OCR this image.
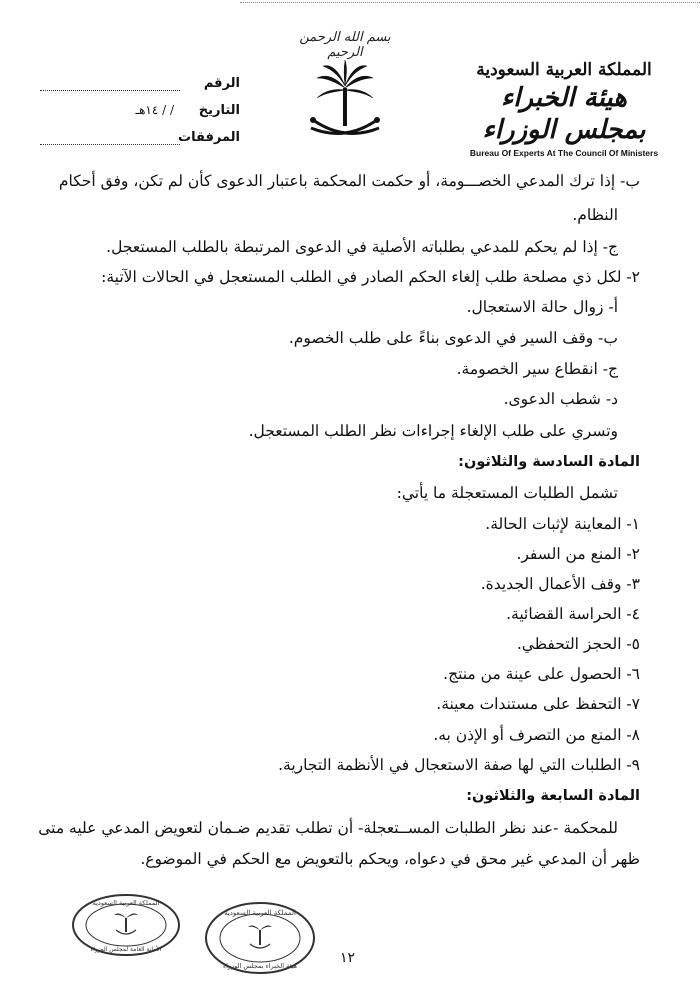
بسم الله الرحمن الرحيم
المملكة العربية السعودية
هيئة الخبراء بمجلس الوزراء
Bureau Of Experts At The Council Of Ministers
الرقم
التاريخ
/ / ١٤هـ
المرفقات
ب- إذا ترك المدعي الخصـــومة، أو حكمت المحكمة باعتبار الدعوى كأن لم تكن، وفق أحكام
النظام.
ج- إذا لم يحكم للمدعي بطلباته الأصلية في الدعوى المرتبطة بالطلب المستعجل.
٢- لكل ذي مصلحة طلب إلغاء الحكم الصادر في الطلب المستعجل في الحالات الآتية:
أ- زوال حالة الاستعجال.
ب- وقف السير في الدعوى بناءً على طلب الخصوم.
ج- انقطاع سير الخصومة.
د- شطب الدعوى.
وتسري على طلب الإلغاء إجراءات نظر الطلب المستعجل.
المادة السادسة والثلاثون:
تشمل الطلبات المستعجلة ما يأتي:
١- المعاينة لإثبات الحالة.
٢- المنع من السفر.
٣- وقف الأعمال الجديدة.
٤- الحراسة القضائية.
٥- الحجز التحفظي.
٦- الحصول على عينة من منتج.
٧- التحفظ على مستندات معينة.
٨- المنع من التصرف أو الإذن به.
٩- الطلبات التي لها صفة الاستعجال في الأنظمة التجارية.
المادة السابعة والثلاثون:
للمحكمة -عند نظر الطلبات المســتعجلة- أن تطلب تقديم ضـمان لتعويض المدعي عليه متى
ظهر أن المدعي غير محق في دعواه، ويحكم بالتعويض مع الحكم في الموضوع.
المملكة العربية السعودية
الأمانة العامة لمجلس الوزراء
المملكة العربية السعودية
هيئة الخبراء بمجلس الوزراء	١٢
